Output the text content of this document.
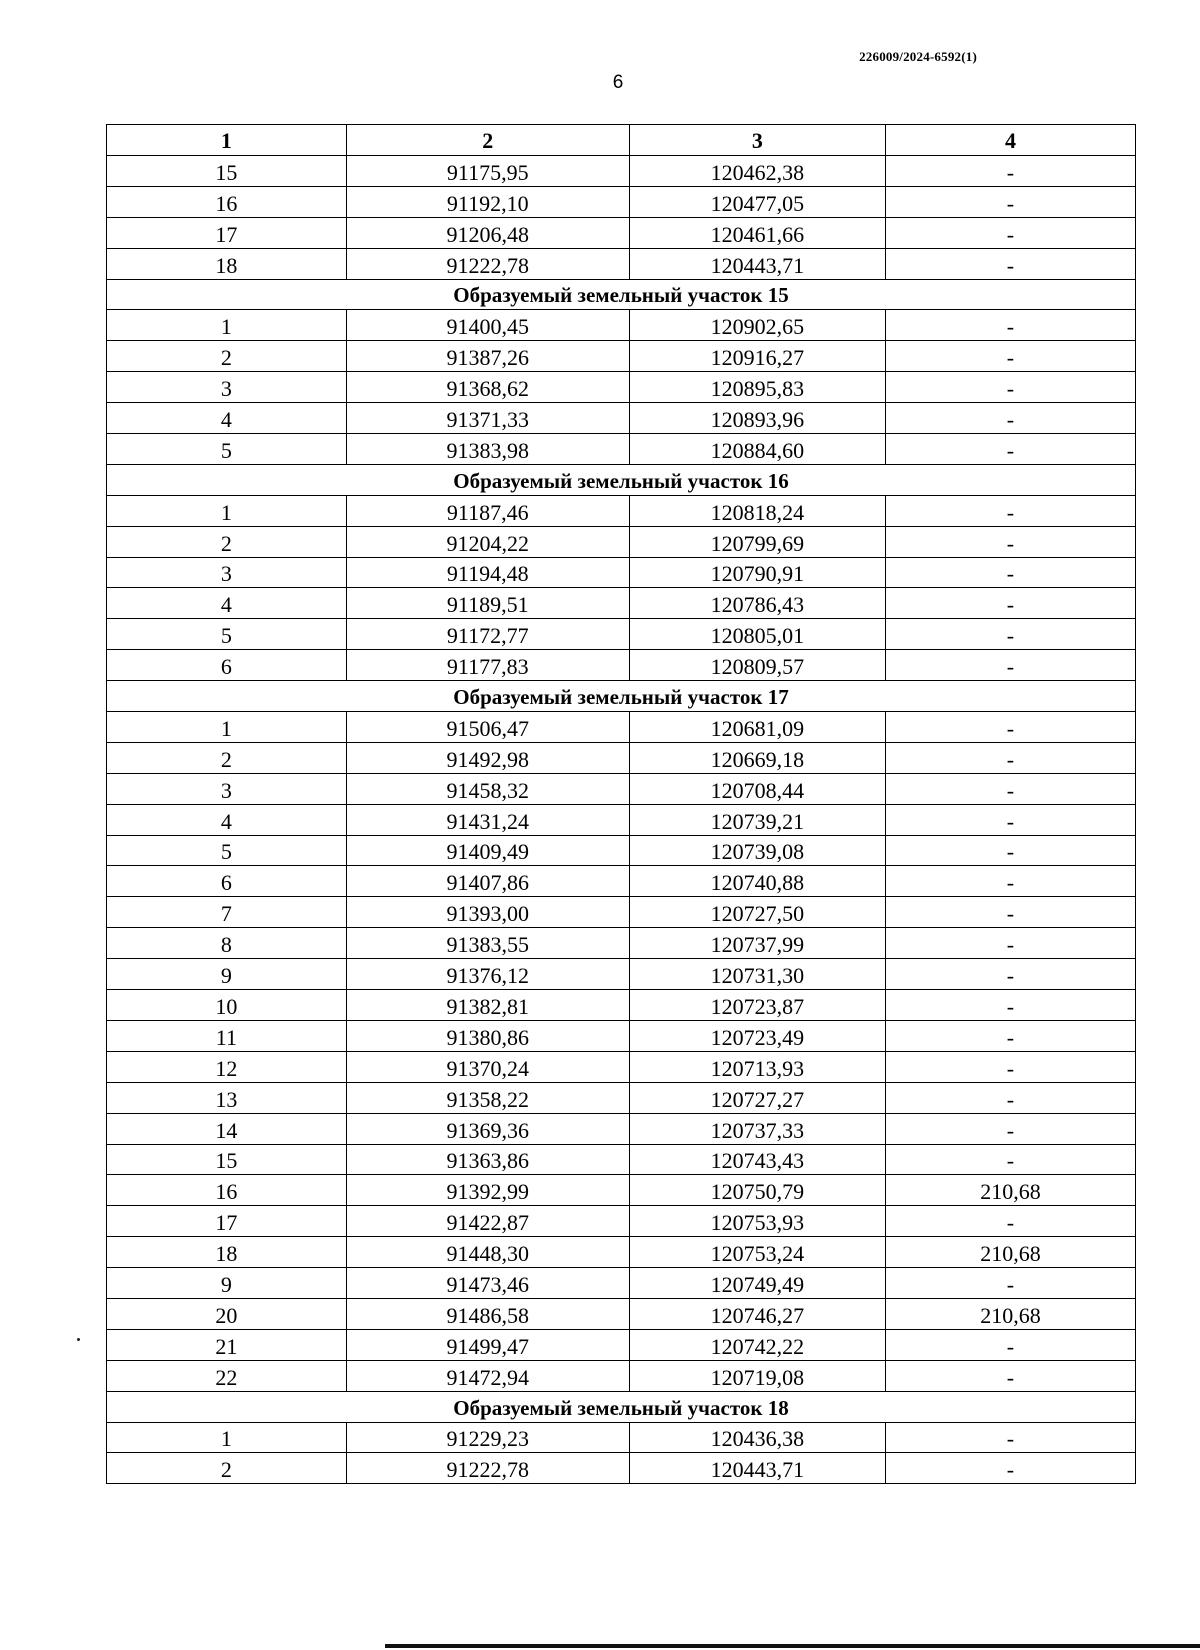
226009/2024-6592(1)
6
1	2	3	4
15	91175,95	120462,38	-
16	91192,10	120477,05	-
17	91206,48	120461,66	-
18	91222,78	120443,71	-
Образуемый земельный участок 15			
1	91400,45	120902,65	-
2	91387,26	120916,27	-
3	91368,62	120895,83	-
4	91371,33	120893,96	-
5	91383,98	120884,60	-
Образуемый земельный участок 16			
1	91187,46	120818,24	-
2	91204,22	120799,69	-
3	91194,48	120790,91	-
4	91189,51	120786,43	-
5	91172,77	120805,01	-
6	91177,83	120809,57	-
Образуемый земельный участок 17			
1	91506,47	120681,09	-
2	91492,98	120669,18	-
3	91458,32	120708,44	-
4	91431,24	120739,21	-
5	91409,49	120739,08	-
6	91407,86	120740,88	-
7	91393,00	120727,50	-
8	91383,55	120737,99	-
9	91376,12	120731,30	-
10	91382,81	120723,87	-
11	91380,86	120723,49	-
12	91370,24	120713,93	-
13	91358,22	120727,27	-
14	91369,36	120737,33	-
15	91363,86	120743,43	-
16	91392,99	120750,79	210,68
17	91422,87	120753,93	-
18	91448,30	120753,24	210,68
9	91473,46	120749,49	-
20	91486,58	120746,27	210,68
21	91499,47	120742,22	-
22	91472,94	120719,08	-
Образуемый земельный участок 18			
1	91229,23	120436,38	-
2	91222,78	120443,71	-
